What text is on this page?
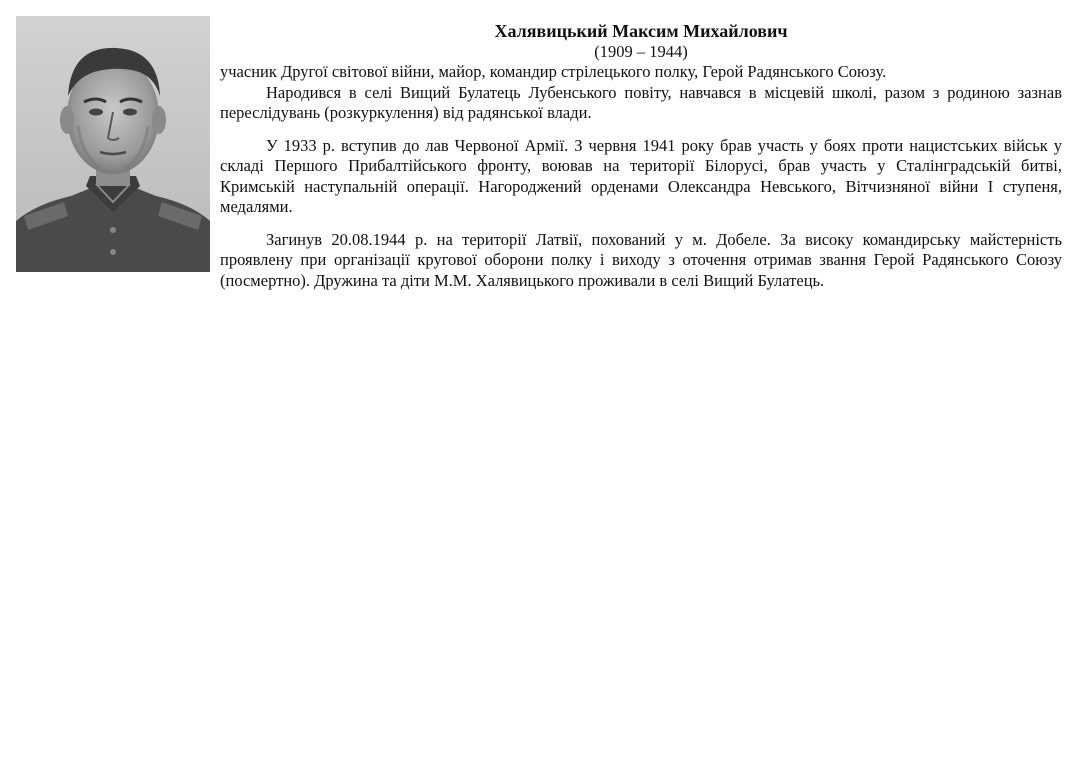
Халявицький Максим Михайлович
(1909 – 1944)

учасник Другої світової війни, майор, командир стрілецького полку, Герой Радянського Союзу.

Народився в селі Вищий Булатець Лубенського повіту, навчався в місцевій школі, разом з родиною зазнав переслідувань (розкуркулення) від радянської влади.

У 1933 р. вступив до лав Червоної Армії. З червня 1941 року брав участь у боях проти нацистських військ у складі Першого Прибалтійського фронту, воював на території Білорусі, брав участь у Сталінградській битві, Кримській наступальній операції. Нагороджений орденами Олександра Невського, Вітчизняної війни І ступеня, медалями.

Загинув 20.08.1944 р. на території Латвії, похований у м. Добеле. За високу командирську майстерність проявлену при організації кругової оборони полку і виходу з оточення отримав звання Герой Радянського Союзу (посмертно). Дружина та діти М.М. Халявицького проживали в селі Вищий Булатець.
